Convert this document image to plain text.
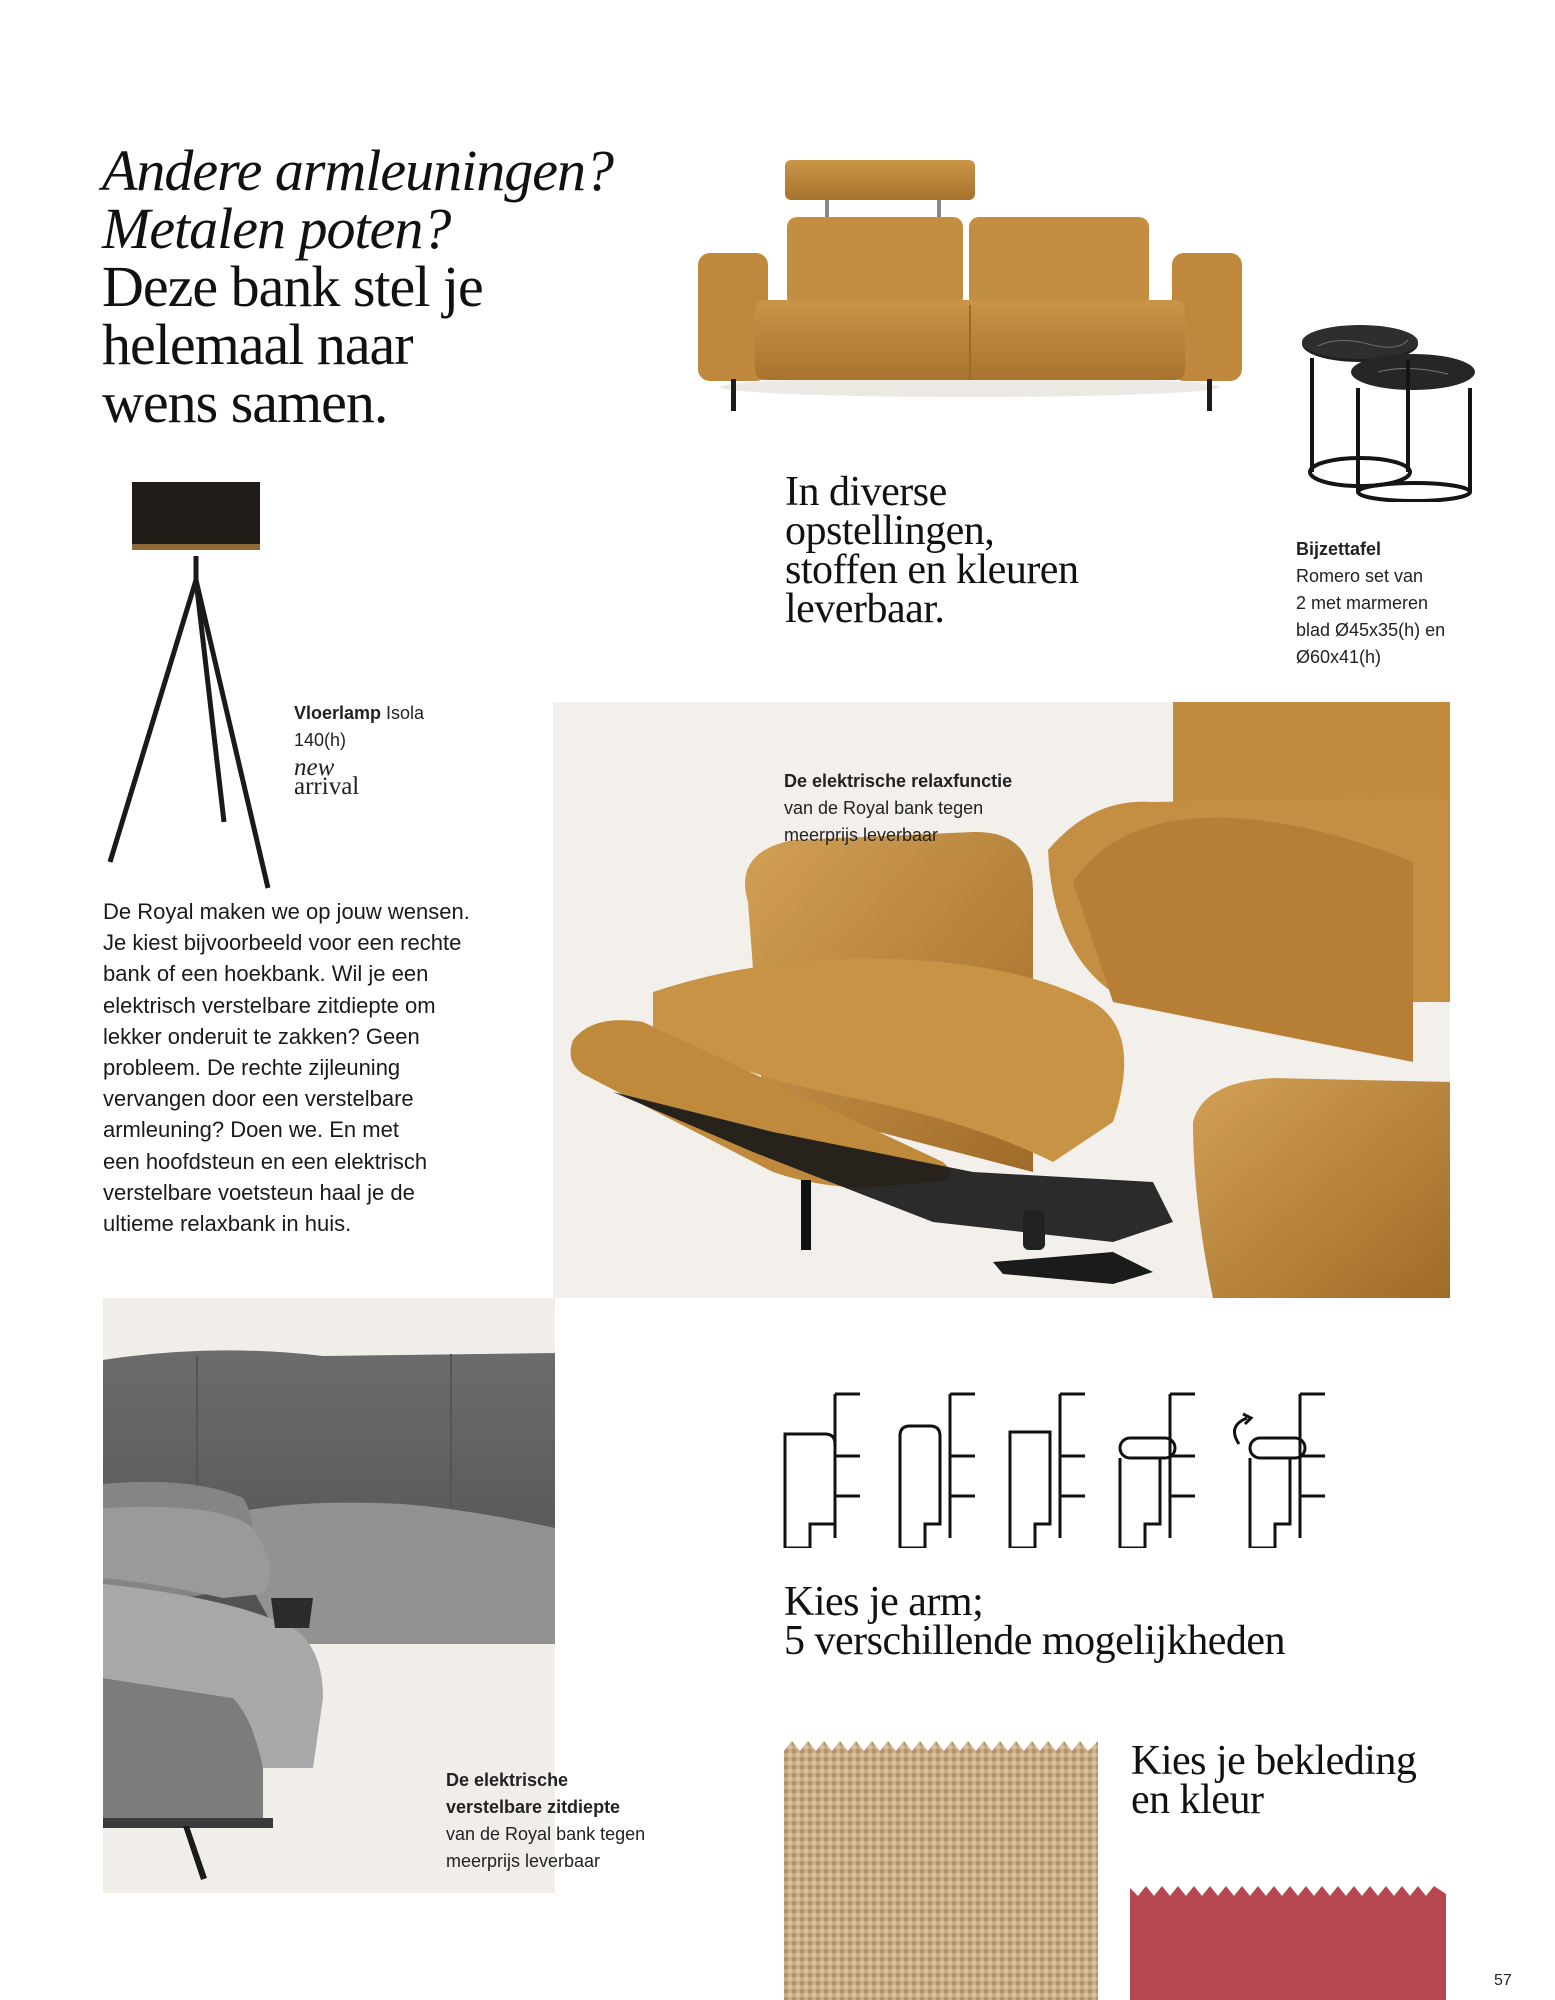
Andere armleuningen?
Metalen poten?
Deze bank stel je
helemaal naar
wens samen.
In diverse
opstellingen,
stoffen en kleuren
leverbaar.
Bijzettafel
Romero set van
2 met marmeren
blad Ø45x35(h) en
Ø60x41(h)
Vloerlamp Isola
140(h)
new
arrival	De elektrische relaxfunctie
van de Royal bank tegen
meerprijs leverbaar
De Royal maken we op jouw wensen.
Je kiest bijvoorbeeld voor een rechte
bank of een hoekbank. Wil je een
elektrisch verstelbare zitdiepte om
lekker onderuit te zakken? Geen
probleem. De rechte zijleuning
vervangen door een verstelbare
armleuning? Doen we. En met
een hoofdsteun en een elektrisch
verstelbare voetsteun haal je de
ultieme relaxbank in huis.
De elektrische
verstelbare zitdiepte
van de Royal bank tegen
meerprijs leverbaar
Kies je arm;
5 verschillende mogelijkheden
Kies je bekleding
en kleur
57
